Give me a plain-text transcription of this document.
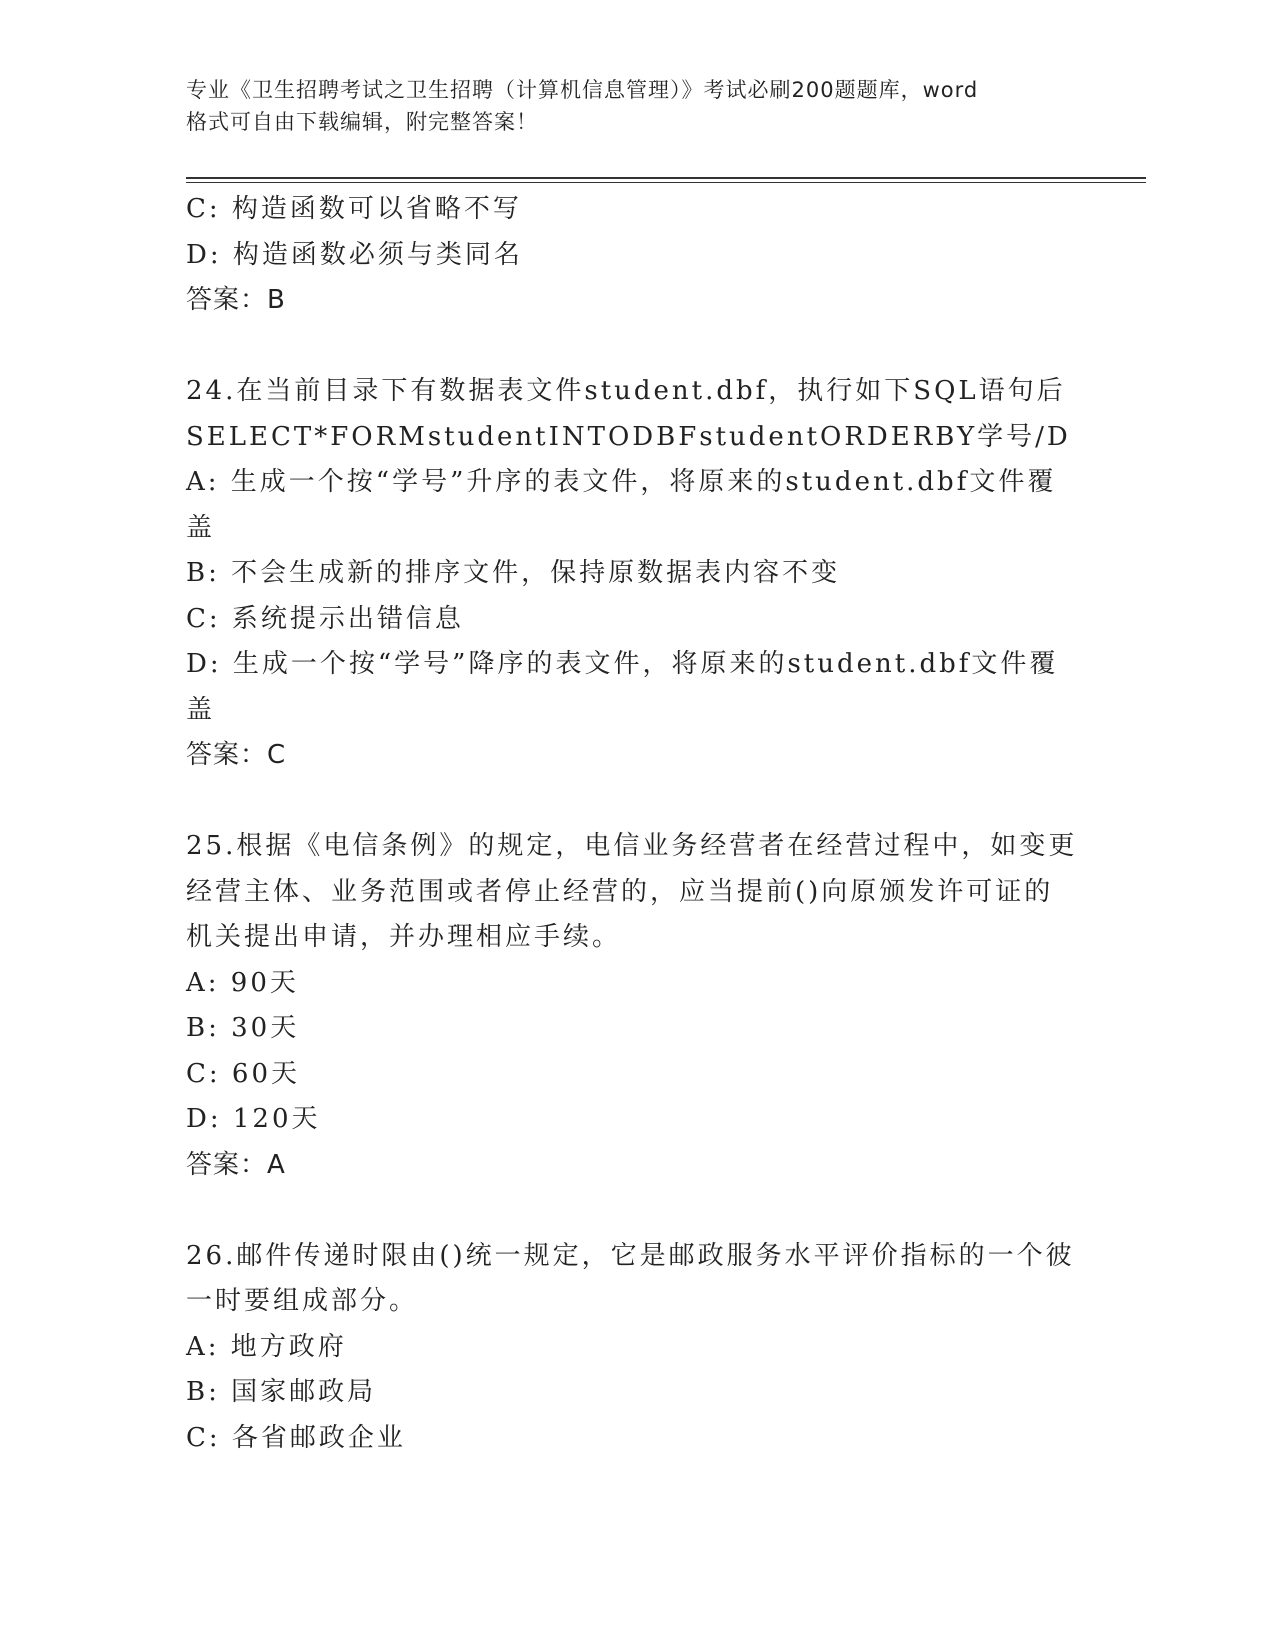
专业《卫生招聘考试之卫生招聘（计算机信息管理）》考试必刷200题题库，word
格式可自由下载编辑，附完整答案！
C: 构造函数可以省略不写
D: 构造函数必须与类同名
答案：B
24.在当前目录下有数据表文件student.dbf，执行如下SQL语句后
SELECT*FORMstudentINTODBFstudentORDERBY学号/D
A: 生成一个按“学号”升序的表文件，将原来的student.dbf文件覆
盖
B: 不会生成新的排序文件，保持原数据表内容不变
C: 系统提示出错信息
D: 生成一个按“学号”降序的表文件，将原来的student.dbf文件覆
盖
答案：C
25.根据《电信条例》的规定，电信业务经营者在经营过程中，如变更
经营主体、业务范围或者停止经营的，应当提前()向原颁发许可证的
机关提出申请，并办理相应手续。
A: 90天
B: 30天
C: 60天
D: 120天
答案：A
26.邮件传递时限由()统一规定，它是邮政服务水平评价指标的一个彼
一时要组成部分。
A: 地方政府
B: 国家邮政局
C: 各省邮政企业
